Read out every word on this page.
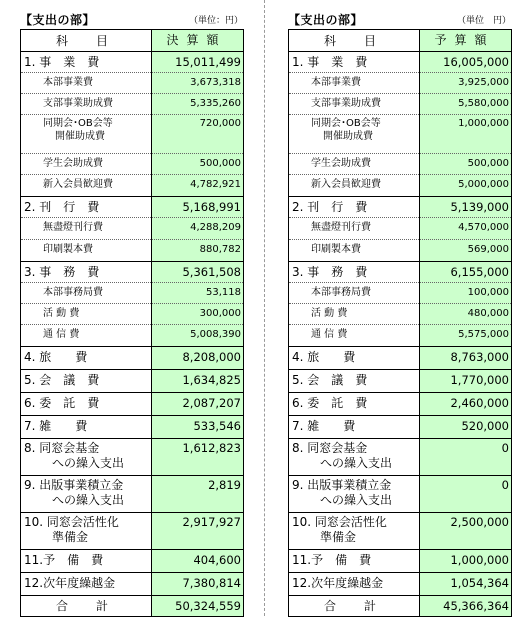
【支出の部】	（単位：円）
科　目	決算額

1. 事　業　費	15,011,499

本部事業費	3,673,318

支部事業助成費	5,335,260

同期会･OB会等
開催助成費	720,000

学生会助成費	500,000

新入会員歓迎費	4,782,921

2. 刊　行　費	5,168,991

無盡燈刊行費	4,288,209

印刷製本費	880,782

3. 事　務　費	5,361,508

本部事務局費	53,118

活 動 費	300,000

通 信 費	5,008,390

4. 旅　　費	8,208,000

5. 会　議　費	1,634,825

6. 委　託　費	2,087,207

7. 雑　　費	533,546

8. 同窓会基金
への繰入支出	1,612,823

9. 出版事業積立金
への繰入支出	2,819

10. 同窓会活性化
準備金	2,917,927

11.予　備　費	404,600

12.次年度繰越金	7,380,814

合　計	50,324,559
【支出の部】	（単位　円）
科　目	予算額

1. 事　業　費	16,005,000

本部事業費	3,925,000

支部事業助成費	5,580,000

同期会･OB会等
開催助成費	1,000,000

学生会助成費	500,000

新入会員歓迎費	5,000,000

2. 刊　行　費	5,139,000

無盡燈刊行費	4,570,000

印刷製本費	569,000

3. 事　務　費	6,155,000

本部事務局費	100,000

活 動 費	480,000

通 信 費	5,575,000

4. 旅　　費	8,763,000

5. 会　議　費	1,770,000

6. 委　託　費	2,460,000

7. 雑　　費	520,000

8. 同窓会基金
への繰入支出	0

9. 出版事業積立金
への繰入支出	0

10. 同窓会活性化
準備金	2,500,000

11.予　備　費	1,000,000

12.次年度繰越金	1,054,364

合　計	45,366,364
